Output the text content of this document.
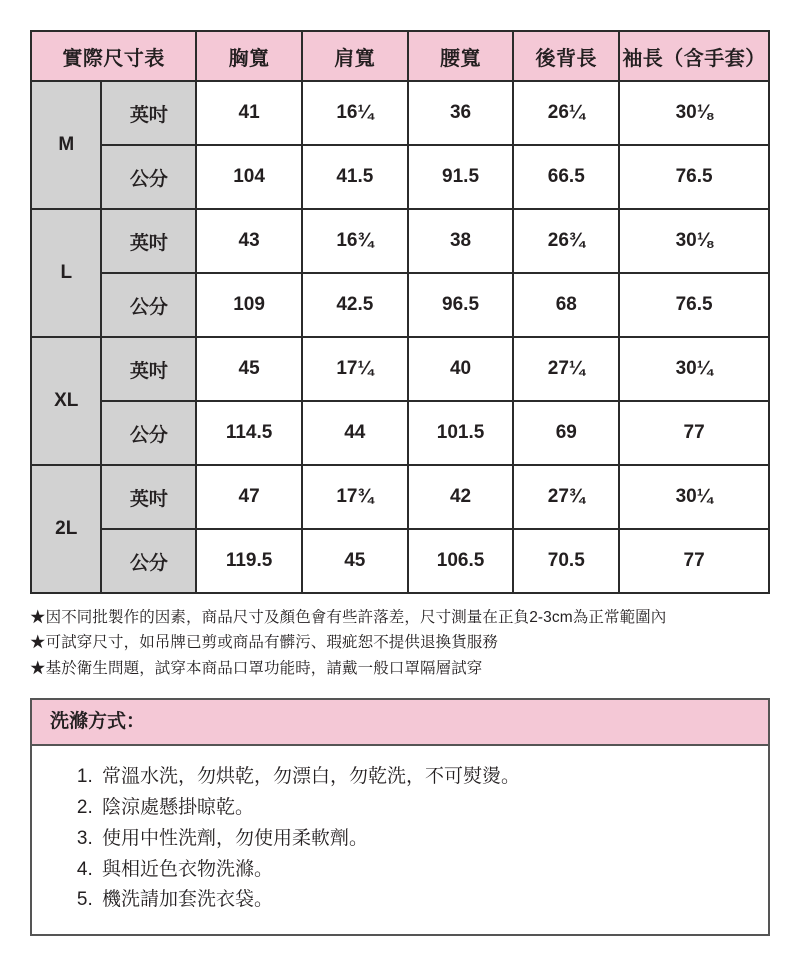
實際尺寸表		胸寬	肩寬	腰寬	後背長	袖長（含手套）
M	英吋	41	16¼	36	26¼	30⅛
	公分	104	41.5	91.5	66.5	76.5
L	英吋	43	16¾	38	26¾	30⅛
	公分	109	42.5	96.5	68	76.5
XL	英吋	45	17¼	40	27¼	30¼
	公分	114.5	44	101.5	69	77
2L	英吋	47	17¾	42	27¾	30¼
	公分	119.5	45	106.5	70.5	77

★因不同批製作的因素，商品尺寸及顏色會有些許落差，尺寸測量在正負2-3cm為正常範圍內

★可試穿尺寸，如吊牌已剪或商品有髒污、瑕疵恕不提供退換貨服務

★基於衛生問題，試穿本商品口罩功能時，請戴一般口罩隔層試穿

洗滌方式：
1. 常溫水洗，勿烘乾，勿漂白，勿乾洗，不可熨燙。
2. 陰涼處懸掛晾乾。
3. 使用中性洗劑，勿使用柔軟劑。
4. 與相近色衣物洗滌。
5. 機洗請加套洗衣袋。
